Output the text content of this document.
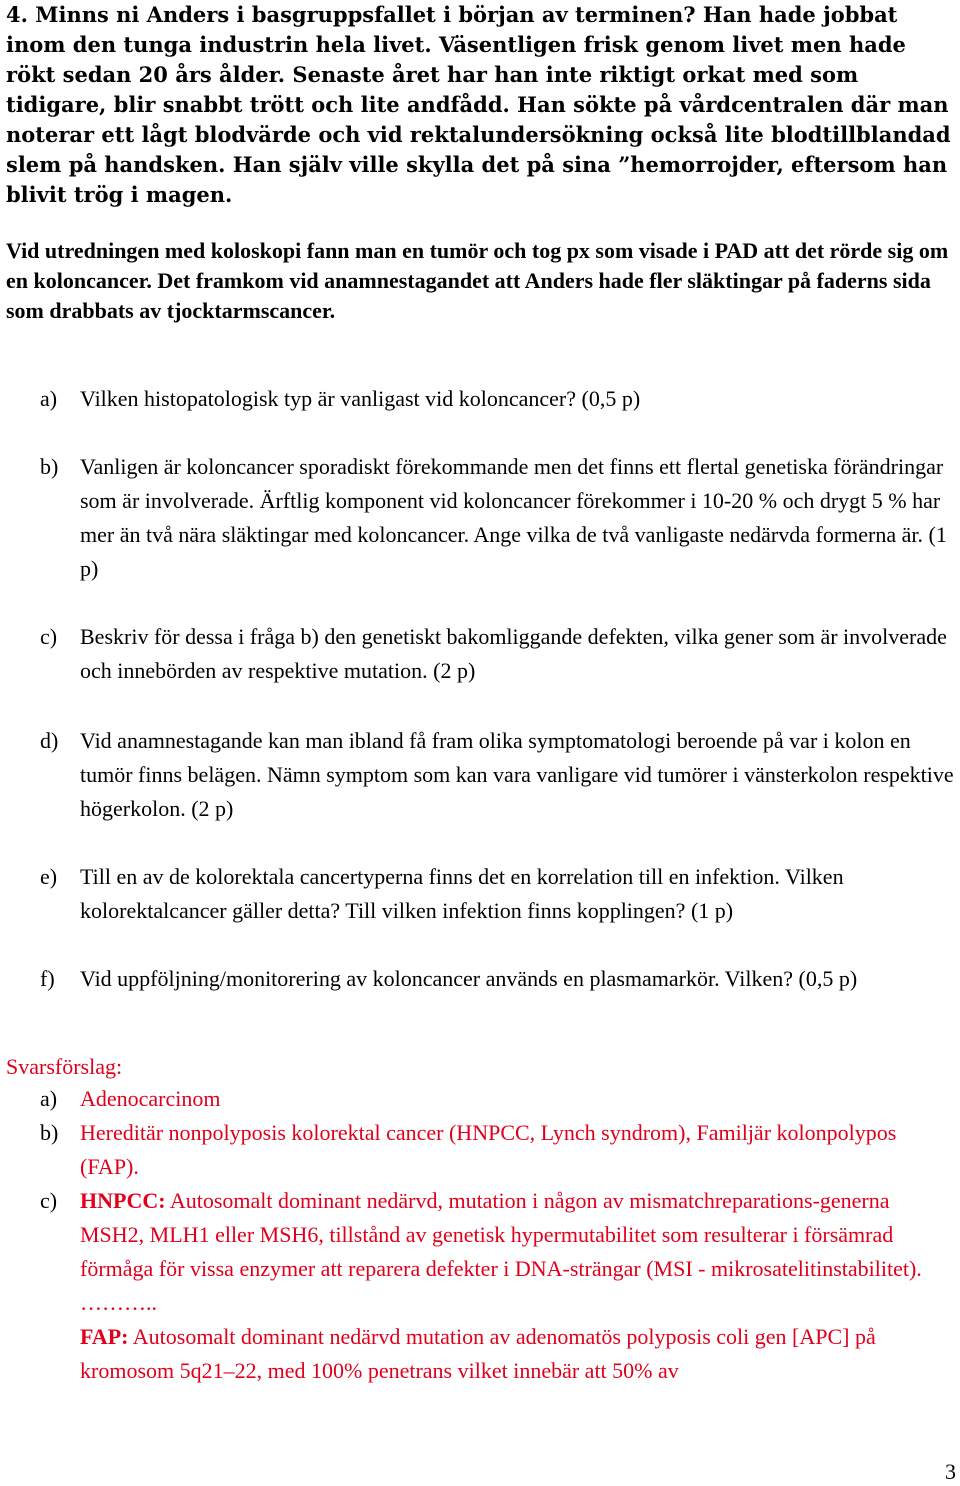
4. Minns ni Anders i basgruppsfallet i början av terminen? Han hade jobbat inom den tunga industrin hela livet. Väsentligen frisk genom livet men hade rökt sedan 20 års ålder. Senaste året har han inte riktigt orkat med som tidigare, blir snabbt trött och lite andfådd. Han sökte på vårdcentralen där man noterar ett lågt blodvärde och vid rektalundersökning också lite blodtillblandad slem på handsken. Han själv ville skylla det på sina ”hemorrojder, eftersom han blivit trög i magen.
Vid utredningen med koloskopi fann man en tumör och tog px som visade i PAD att det rörde sig om en koloncancer. Det framkom vid anamnestagandet att Anders hade fler släktingar på faderns sida som drabbats av tjocktarmscancer.
a)	Vilken histopatologisk typ är vanligast vid koloncancer? (0,5 p)
b) Vanligen är koloncancer sporadiskt förekommande men det finns ett flertal genetiska förändringar som är involverade. Ärftlig komponent vid koloncancer förekommer i 10-20 % och drygt 5 % har mer än två nära släktingar med koloncancer. Ange vilka de två vanligaste nedärvda formerna är. (1 p)
c)	Beskriv för dessa i fråga b) den genetiskt bakomliggande defekten, vilka gener som är involverade och innebörden av respektive mutation. (2 p)
d) Vid anamnestagande kan man ibland få fram olika symptomatologi beroende på var i kolon en tumör finns belägen. Nämn symptom som kan vara vanligare vid tumörer i vänsterkolon respektive högerkolon. (2 p)
e)	Till en av de kolorektala cancertyperna finns det en korrelation till en infektion. Vilken kolorektalcancer gäller detta? Till vilken infektion finns kopplingen? (1 p)
f)	Vid uppföljning/monitorering av koloncancer används en plasmamarkör. Vilken? (0,5 p)
Svarsförslag:
a) Adenocarcinom
b) Hereditär nonpolyposis kolorektal cancer (HNPCC, Lynch syndrom), Familjär kolonpolypos (FAP).
c) HNPCC: Autosomalt dominant nedärvd, mutation i någon av mismatchreparations-generna MSH2, MLH1 eller MSH6, tillstånd av genetisk hypermutabilitet som resulterar i försämrad förmåga för vissa enzymer att reparera defekter i DNA-strängar (MSI - mikrosatelitinstabilitet). ………..
FAP: Autosomalt dominant nedärvd mutation av adenomatös polyposis coli gen [APC] på kromosom 5q21–22, med 100% penetrans vilket innebär att 50% av
3
